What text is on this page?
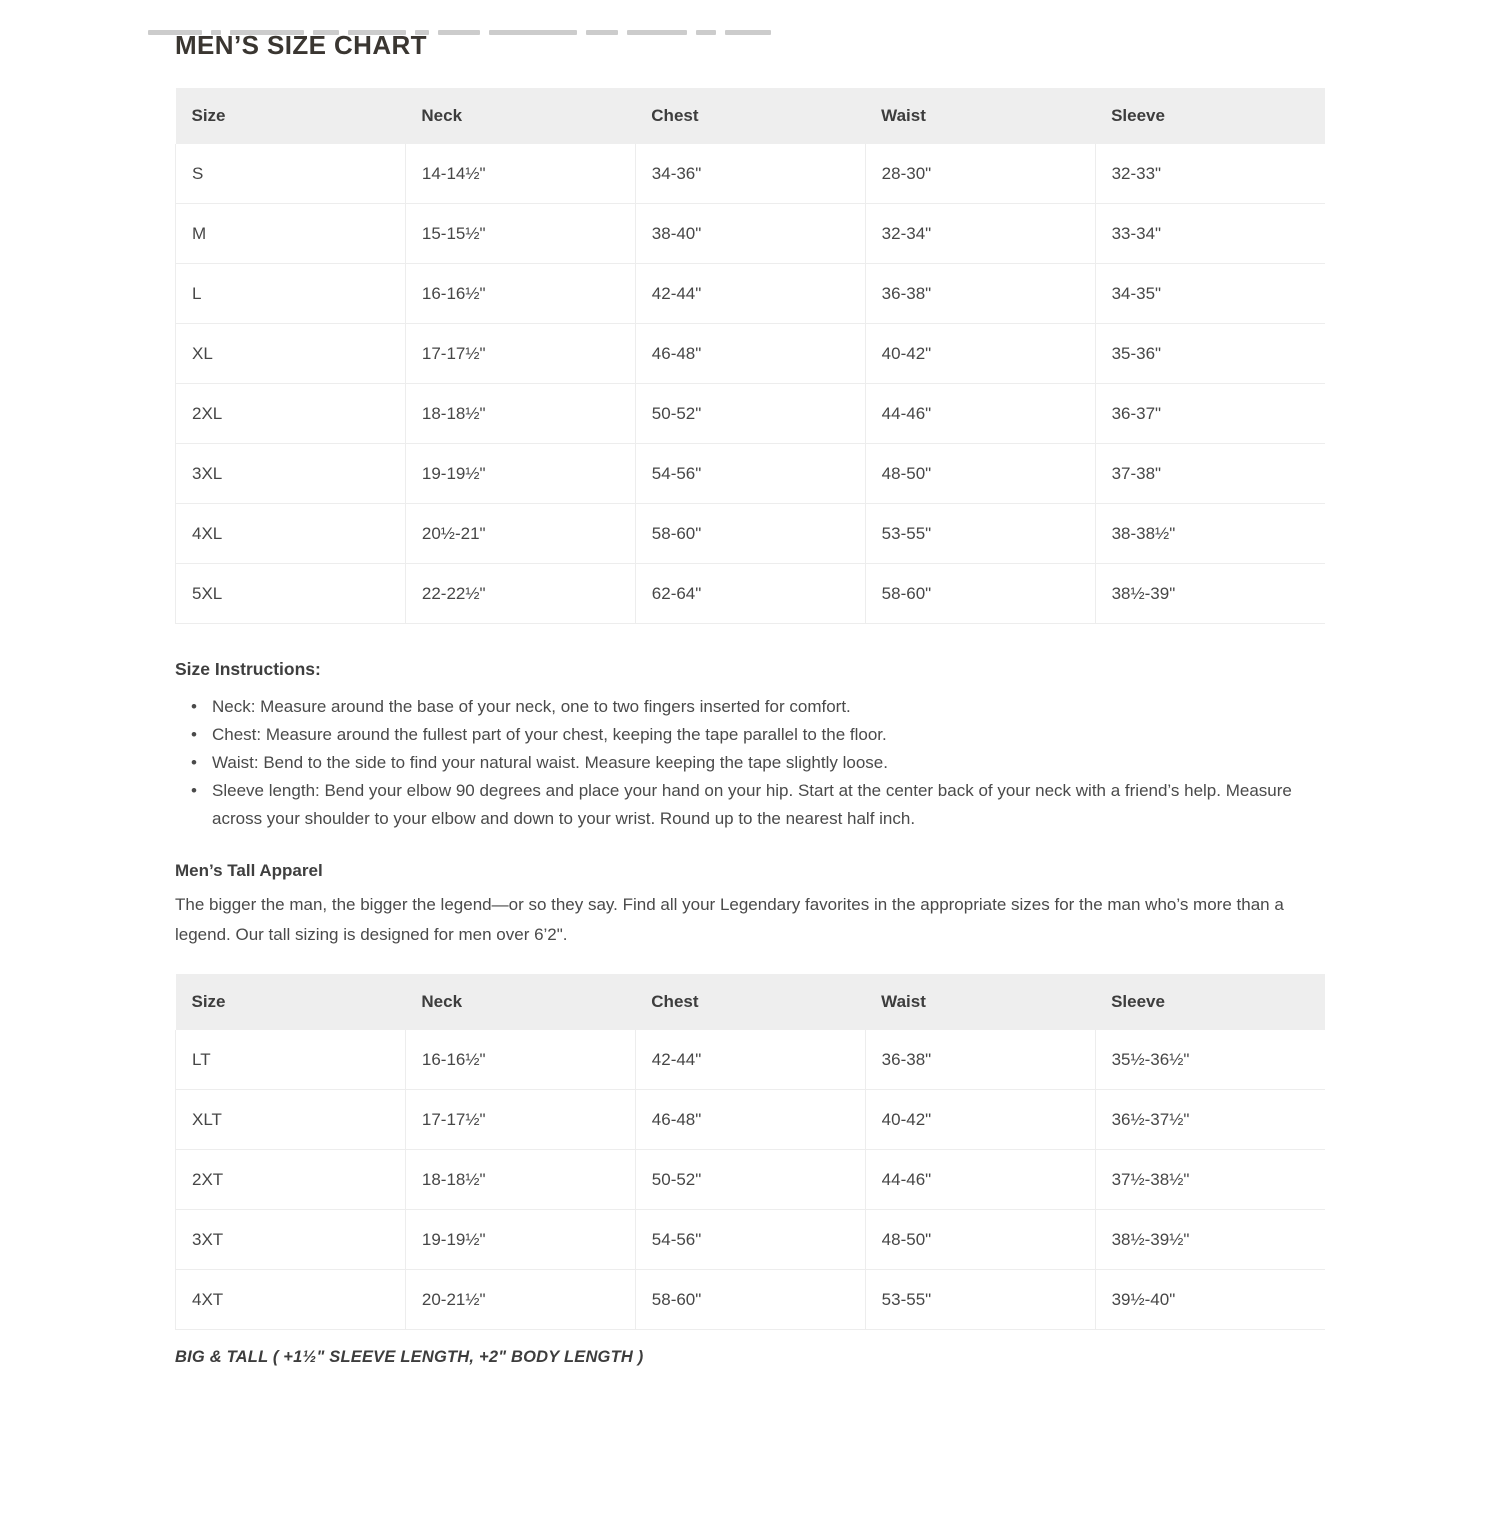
MEN’S SIZE CHART
Size	Neck	Chest	Waist	Sleeve
S	14-14½"	34-36"	28-30"	32-33"
M	15-15½"	38-40"	32-34"	33-34"
L	16-16½"	42-44"	36-38"	34-35"
XL	17-17½"	46-48"	40-42"	35-36"
2XL	18-18½"	50-52"	44-46"	36-37"
3XL	19-19½"	54-56"	48-50"	37-38"
4XL	20½-21"	58-60"	53-55"	38-38½"
5XL	22-22½"	62-64"	58-60"	38½-39"
Size Instructions:
• Neck: Measure around the base of your neck, one to two fingers inserted for comfort.
• Chest: Measure around the fullest part of your chest, keeping the tape parallel to the floor.
• Waist: Bend to the side to find your natural waist. Measure keeping the tape slightly loose.
• Sleeve length: Bend your elbow 90 degrees and place your hand on your hip. Start at the center back of your neck with a friend’s help. Measure across your shoulder to your elbow and down to your wrist. Round up to the nearest half inch.
Men’s Tall Apparel

The bigger the man, the bigger the legend—or so they say. Find all your Legendary favorites in the appropriate sizes for the man who’s more than a legend. Our tall sizing is designed for men over 6’2".

Size	Neck	Chest	Waist	Sleeve
LT	16-16½"	42-44"	36-38"	35½-36½"
XLT	17-17½"	46-48"	40-42"	36½-37½"
2XT	18-18½"	50-52"	44-46"	37½-38½"
3XT	19-19½"	54-56"	48-50"	38½-39½"
4XT	20-21½"	58-60"	53-55"	39½-40"

BIG & TALL ( +1½" SLEEVE LENGTH, +2" BODY LENGTH )
